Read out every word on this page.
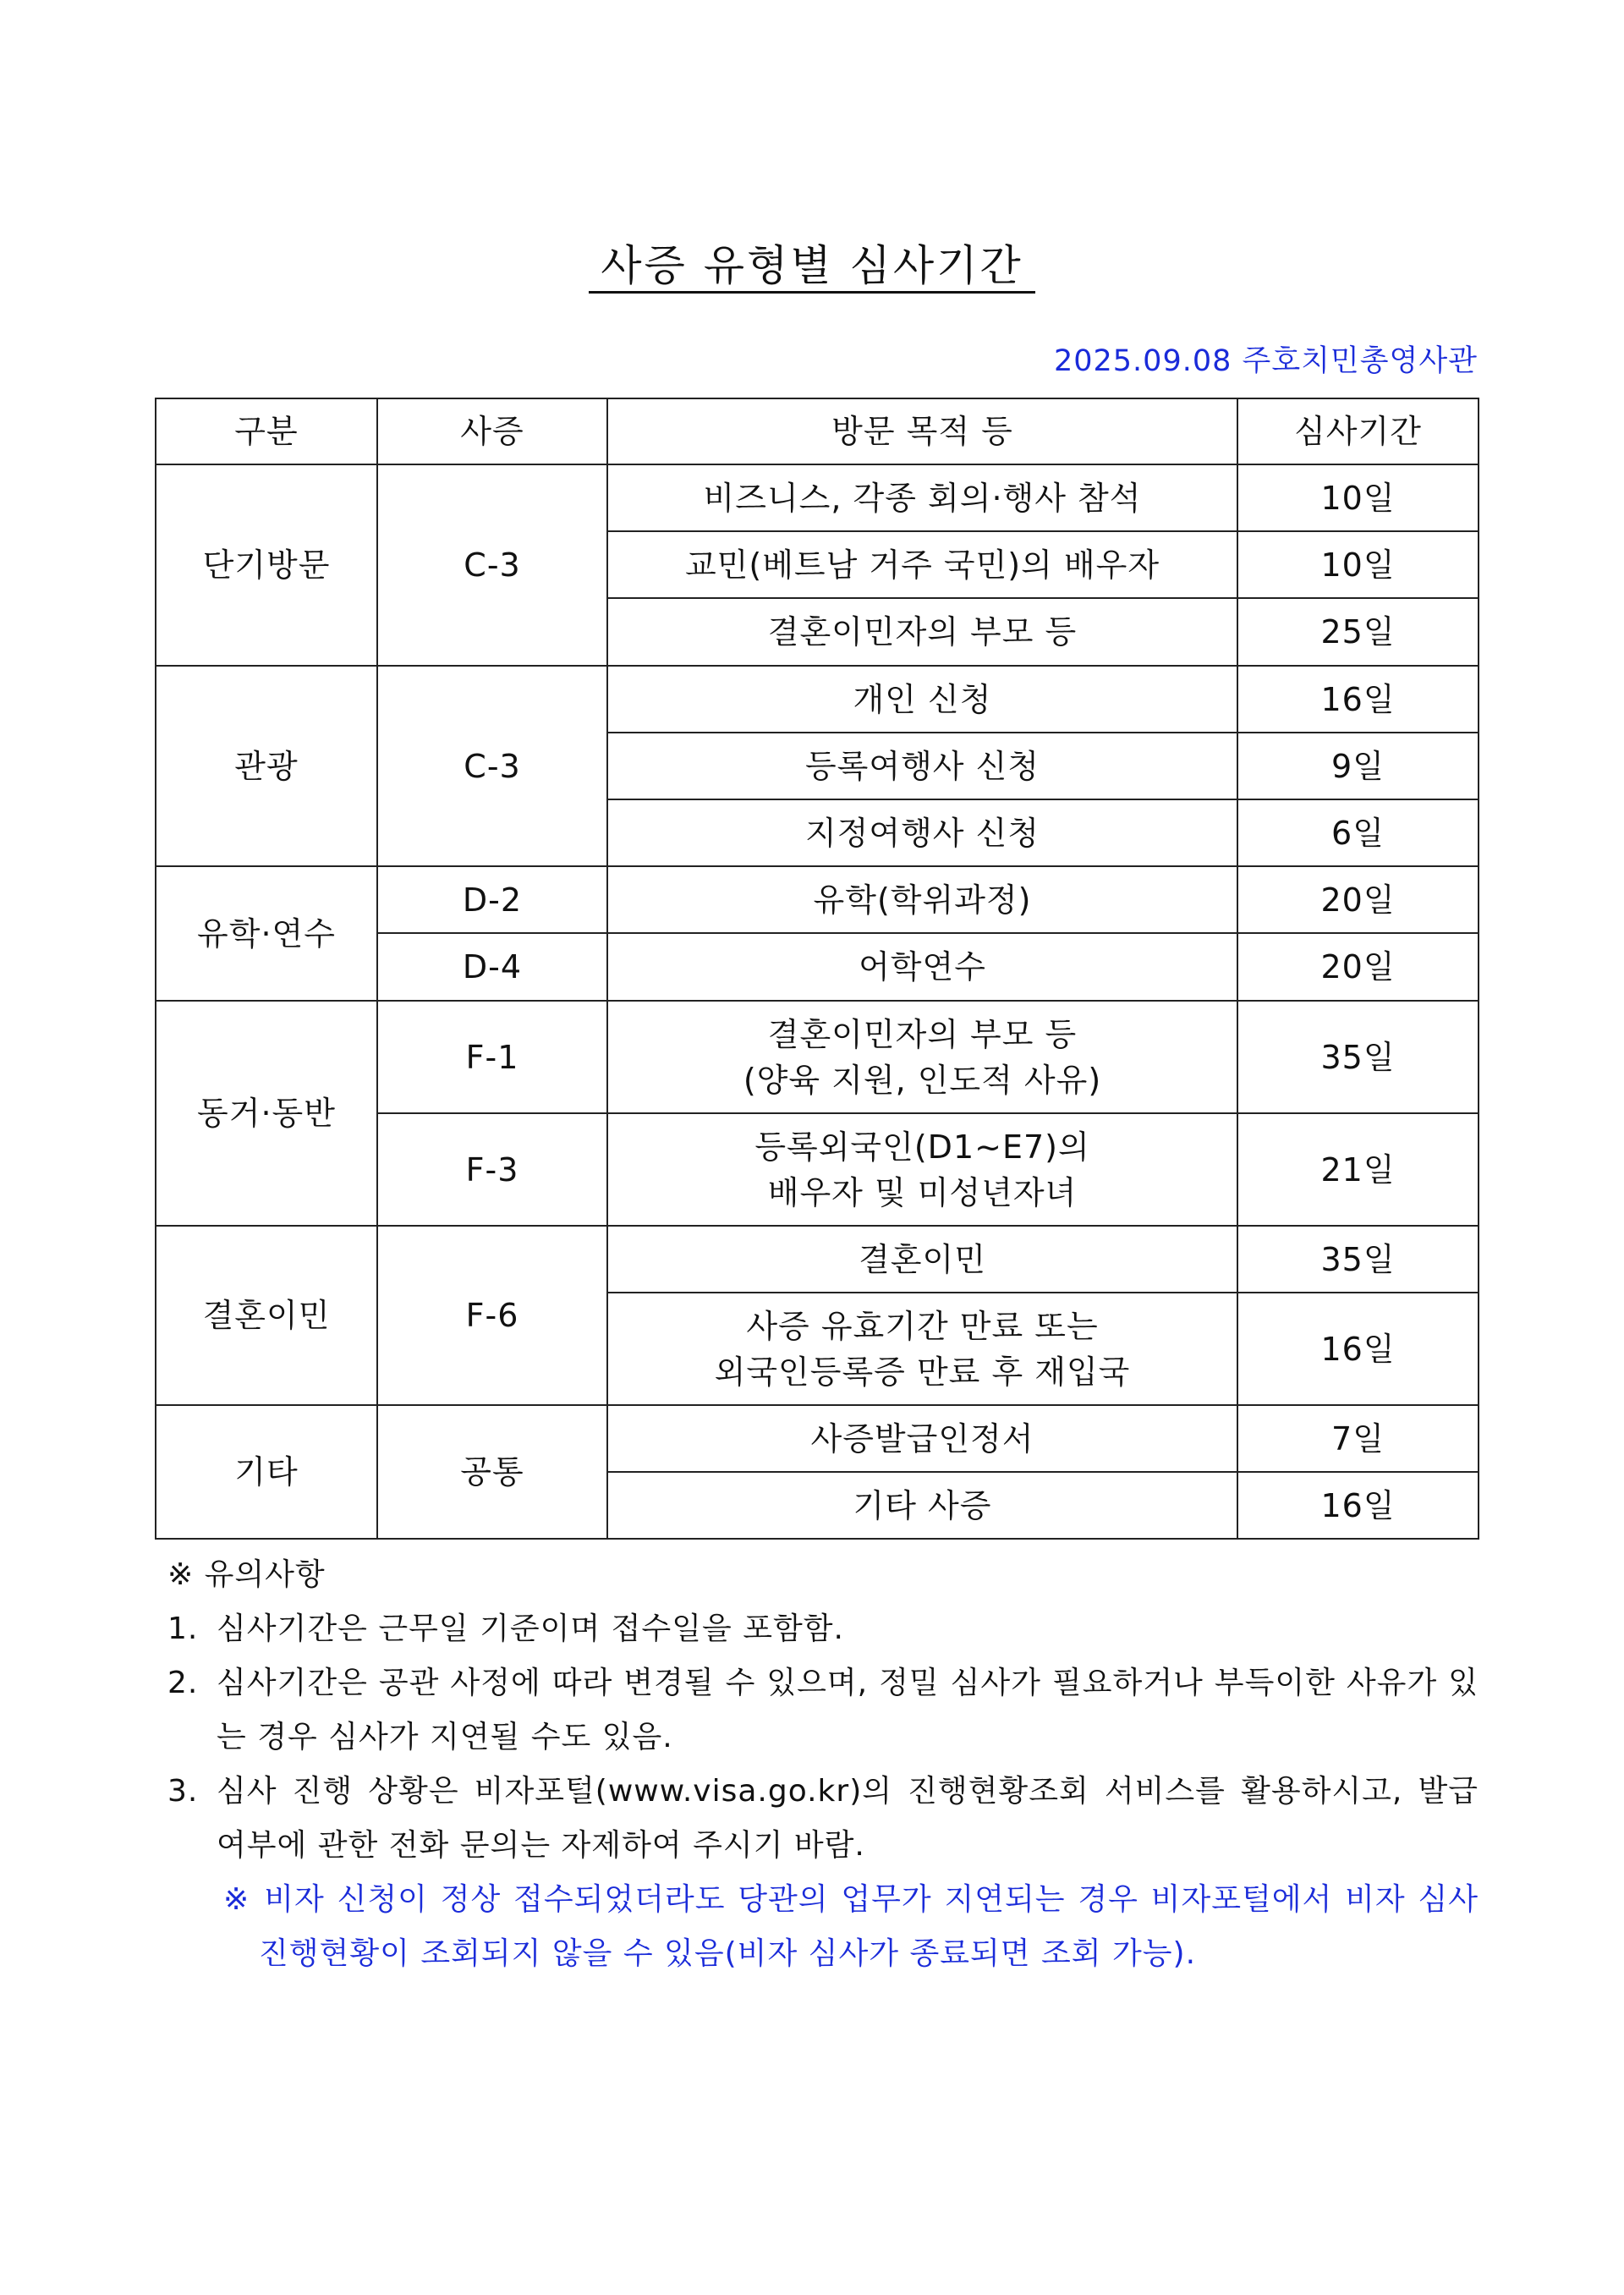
사증 유형별 심사기간
2025.09.08 주호치민총영사관
구분	사증	방문 목적 등	심사기간
단기방문	C-3	비즈니스, 각종 회의·행사 참석	10일
		교민(베트남 거주 국민)의 배우자	10일
		결혼이민자의 부모 등	25일
관광	C-3	개인 신청	16일
		등록여행사 신청	9일
		지정여행사 신청	6일
유학·연수	D-2	유학(학위과정)	20일
	D-4	어학연수	20일
동거·동반	F-1	결혼이민자의 부모 등
(양육 지원, 인도적 사유)	35일
	F-3	등록외국인(D1~E7)의
배우자 및 미성년자녀	21일
결혼이민	F-6	결혼이민	35일

		사증 유효기간 만료 또는
외국인등록증 만료 후 재입국	16일
기타	공통	사증발급인정서	7일
		기타 사증	16일
※ 유의사항
1. 심사기간은 근무일 기준이며 접수일을 포함함.
2. 심사기간은 공관 사정에 따라 변경될 수 있으며, 정밀 심사가 필요하거나 부득이한 사유가 있는 경우 심사가 지연될 수도 있음.
3. 심사 진행 상황은 비자포털(www.visa.go.kr)의 진행현황조회 서비스를 활용하시고, 발급 여부에 관한 전화 문의는 자제하여 주시기 바람.
※ 비자 신청이 정상 접수되었더라도 당관의 업무가 지연되는 경우 비자포털에서 비자 심사 진행현황이 조회되지 않을 수 있음(비자 심사가 종료되면 조회 가능).
